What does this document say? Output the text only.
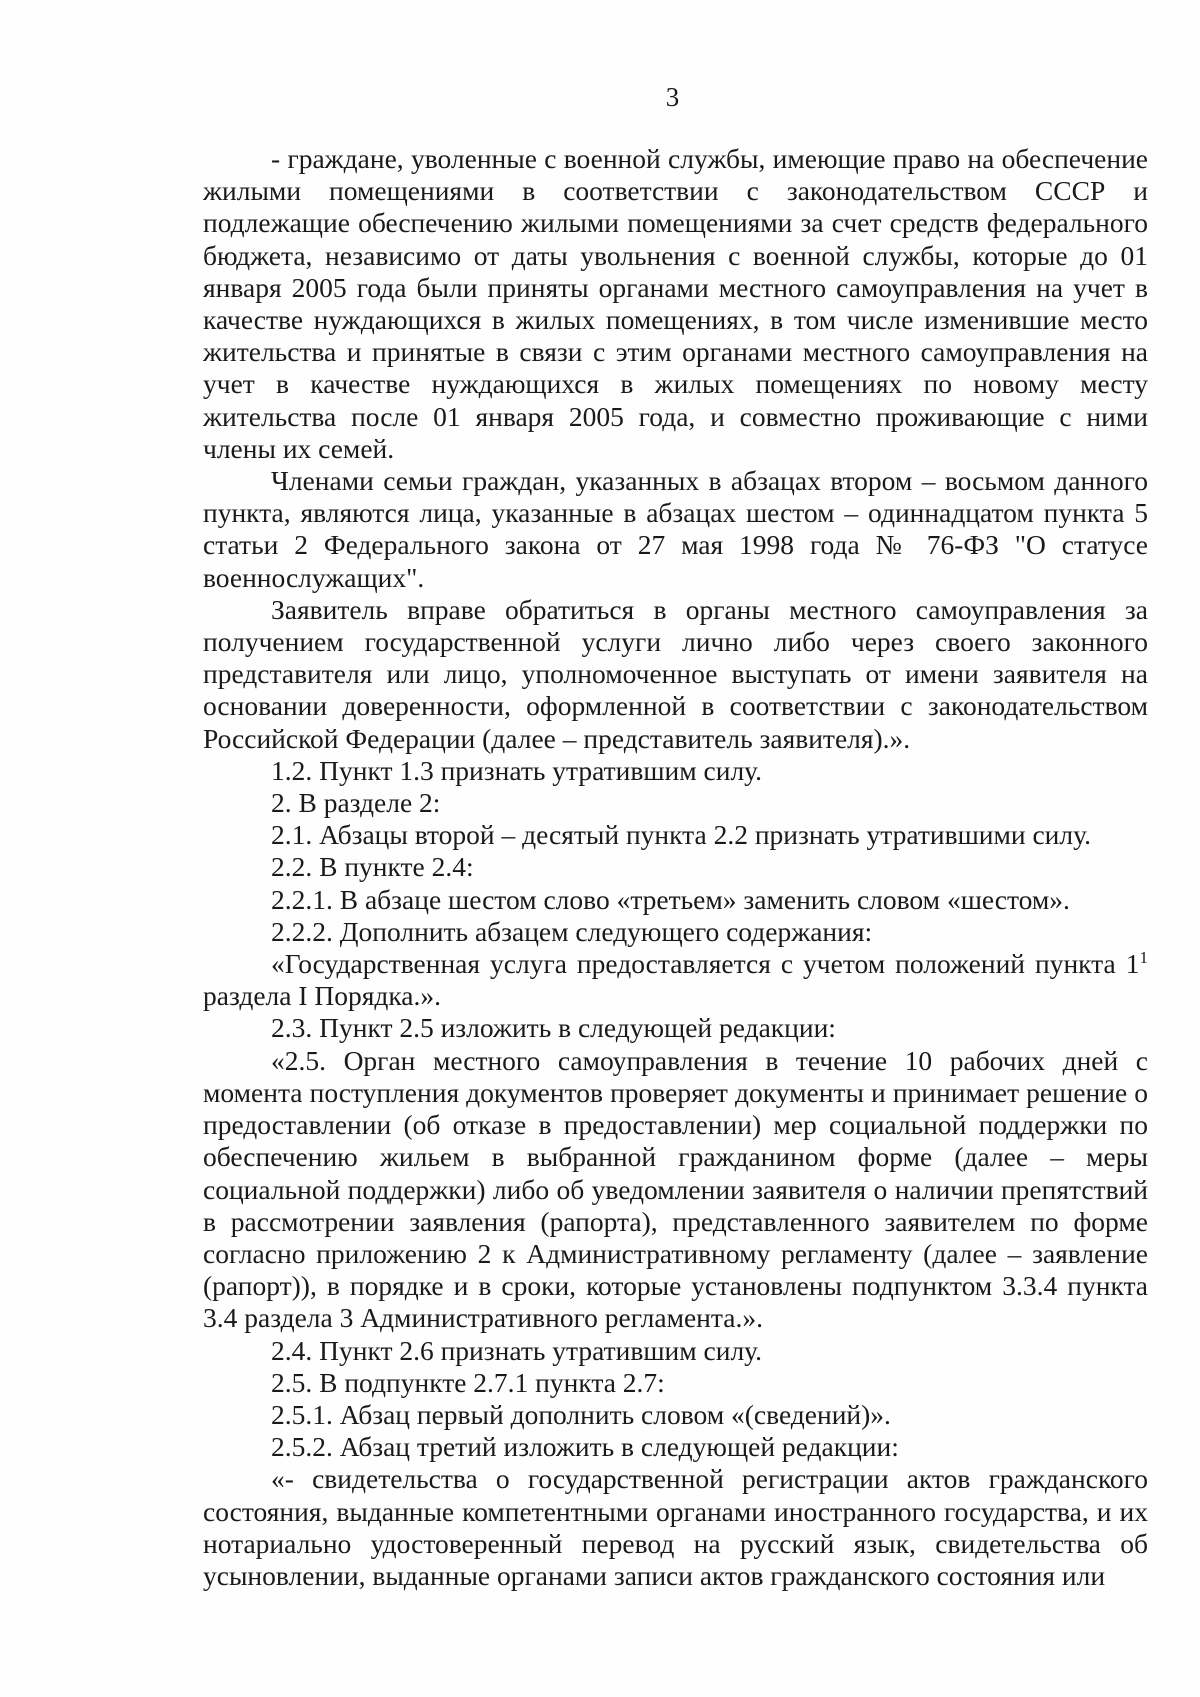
3

- граждане, уволенные с военной службы, имеющие право на обеспечение жилыми помещениями в соответствии с законодательством СССР и подлежащие обеспечению жилыми помещениями за счет средств федерального бюджета, независимо от даты увольнения с военной службы, которые до 01 января 2005 года были приняты органами местного самоуправления на учет в качестве нуждающихся в жилых помещениях, в том числе изменившие место жительства и принятые в связи с этим органами местного самоуправления на учет в качестве нуждающихся в жилых помещениях по новому месту жительства после 01 января 2005 года, и совместно проживающие с ними члены их семей.

Членами семьи граждан, указанных в абзацах втором – восьмом данного пункта, являются лица, указанные в абзацах шестом – одиннадцатом пункта 5 статьи 2 Федерального закона от 27 мая 1998 года № 76-ФЗ "О статусе военнослужащих".

Заявитель вправе обратиться в органы местного самоуправления за получением государственной услуги лично либо через своего законного представителя или лицо, уполномоченное выступать от имени заявителя на основании доверенности, оформленной в соответствии с законодательством Российской Федерации (далее – представитель заявителя).».

1.2. Пункт 1.3 признать утратившим силу.

2. В разделе 2:

2.1. Абзацы второй – десятый пункта 2.2 признать утратившими силу.

2.2. В пункте 2.4:

2.2.1. В абзаце шестом слово «третьем» заменить словом «шестом».

2.2.2. Дополнить абзацем следующего содержания:

«Государственная услуга предоставляется с учетом положений пункта $1^1$ раздела I Порядка.».

2.3. Пункт 2.5 изложить в следующей редакции:

«2.5. Орган местного самоуправления в течение 10 рабочих дней с момента поступления документов проверяет документы и принимает решение о предоставлении (об отказе в предоставлении) мер социальной поддержки по обеспечению жильем в выбранной гражданином форме (далее – меры социальной поддержки) либо об уведомлении заявителя о наличии препятствий в рассмотрении заявления (рапорта), представленного заявителем по форме согласно приложению 2 к Административному регламенту (далее – заявление (рапорт)), в порядке и в сроки, которые установлены подпунктом 3.3.4 пункта 3.4 раздела 3 Административного регламента.».

2.4. Пункт 2.6 признать утратившим силу.

2.5. В подпункте 2.7.1 пункта 2.7:

2.5.1. Абзац первый дополнить словом «(сведений)».

2.5.2. Абзац третий изложить в следующей редакции:

«- свидетельства о государственной регистрации актов гражданского состояния, выданные компетентными органами иностранного государства, и их нотариально удостоверенный перевод на русский язык, свидетельства об усыновлении, выданные органами записи актов гражданского состояния или
